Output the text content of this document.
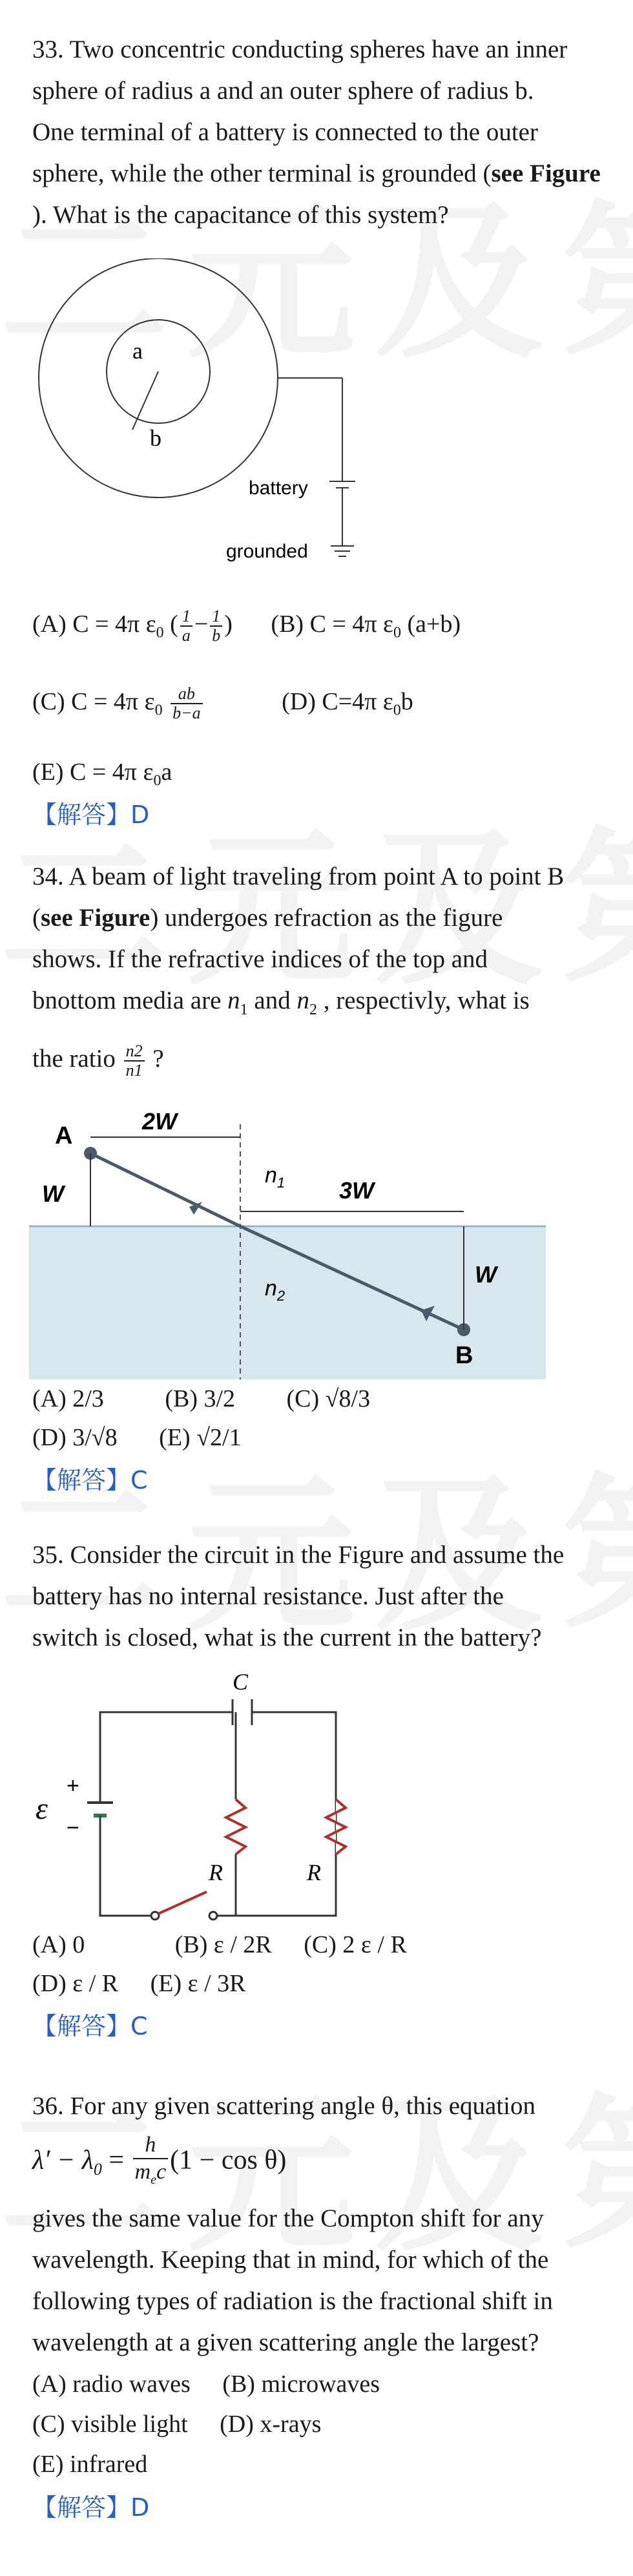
33. Two concentric conducting spheres have an inner
sphere of radius a and an outer sphere of radius b.
One terminal of a battery is connected to the outer
sphere, while the other terminal is grounded (see Figure
). What is the capacitance of this system?
a
b
battery
grounded
(A) C = 4π $\varepsilon_0$ ( $\frac{1}{a} - \frac{1}{b}$ ) (B) C = 4π $\varepsilon_0$ (a+b)
(C) C = 4π $\varepsilon_0 \frac{ab}{b-a}$	(D) C=4π $\varepsilon_0b$
(E) C = 4π $\varepsilon_0a$
【解答】D
34. A beam of light traveling from point A to point B
(see Figure) undergoes refraction as the figure
shows. If the refractive indices of the top and
bnottom media are $n_1$ and $n_2$ , respectivly, what is
the ratio $\frac{n2}{n1}$ ?
A
B
2W
W	3W
W
$n_1$
$n_2$
(A) 2/3 (B) 3/2 (C) √8/3
(D) 3/√8 (E) √2/1
【解答】C
35. Consider the circuit in the Figure and assume the
battery has no internal resistance. Just after the
switch is closed, what is the current in the battery?
C
ε
+
−
R	R
(A) 0	(B) ε / 2R (C) 2 ε / R
(D) ε / R (E) ε / 3R
【解答】C
36. For any given scattering angle θ, this equation
$\lambda' - \lambda_0 = \frac{h}{m_ec} (1 - \cos \theta)$
gives the same value for the Compton shift for any
wavelength. Keeping that in mind, for which of the
following types of radiation is the fractional shift in
wavelength at a given scattering angle the largest?
(A) radio waves (B) microwaves
(C) visible light (D) x-rays
(E) infrared
【解答】D
